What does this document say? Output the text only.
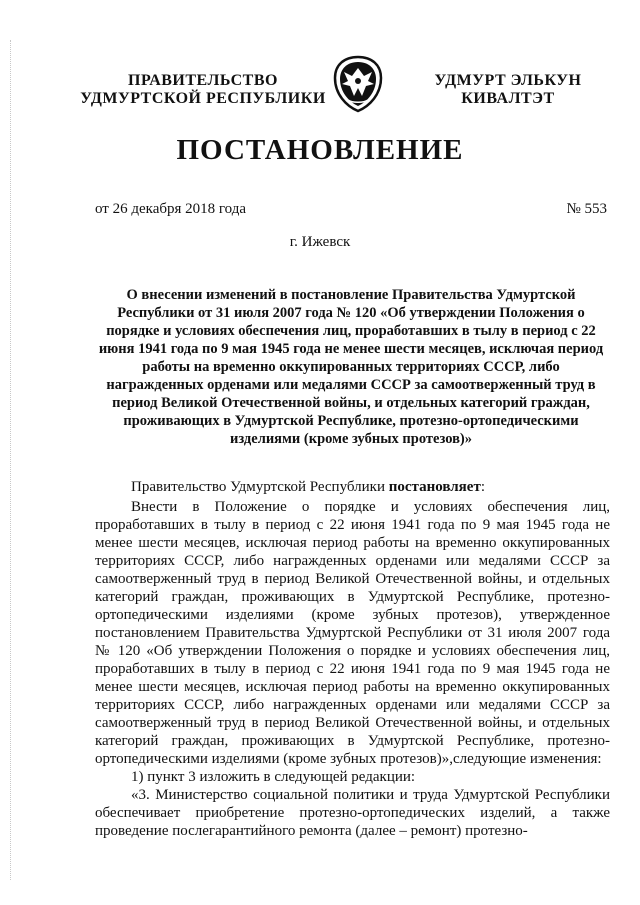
ПРАВИТЕЛЬСТВО
УДМУРТСКОЙ РЕСПУБЛИКИ
УДМУРТ ЭЛЬКУН
КИВАЛТЭТ
ПОСТАНОВЛЕНИЕ
от 26 декабря 2018 года	№ 553
г. Ижевск

О внесении изменений в постановление Правительства Удмуртской Республики от 31 июля 2007 года № 120 «Об утверждении Положения о порядке и условиях обеспечения лиц, проработавших в тылу в период с 22 июня 1941 года по 9 мая 1945 года не менее шести месяцев, исключая период работы на временно оккупированных территориях СССР, либо награжденных орденами или медалями СССР за самоотверженный труд в период Великой Отечественной войны, и отдельных категорий граждан, проживающих в Удмуртской Республике, протезно-ортопедическими изделиями (кроме зубных протезов)»

Правительство Удмуртской Республики постановляет:

Внести в Положение о порядке и условиях обеспечения лиц, проработавших в тылу в период с 22 июня 1941 года по 9 мая 1945 года не менее шести месяцев, исключая период работы на временно оккупированных территориях СССР, либо награжденных орденами или медалями СССР за самоотверженный труд в период Великой Отечественной войны, и отдельных категорий граждан, проживающих в Удмуртской Республике, протезно-ортопедическими изделиями (кроме зубных протезов), утвержденное постановлением Правительства Удмуртской Республики от 31 июля 2007 года № 120 «Об утверждении Положения о порядке и условиях обеспечения лиц, проработавших в тылу в период с 22 июня 1941 года по 9 мая 1945 года не менее шести месяцев, исключая период работы на временно оккупированных территориях СССР, либо награжденных орденами или медалями СССР за самоотверженный труд в период Великой Отечественной войны, и отдельных категорий граждан, проживающих в Удмуртской Республике, протезно-ортопедическими изделиями (кроме зубных протезов)»,следующие изменения:

1) пункт 3 изложить в следующей редакции:

«3. Министерство социальной политики и труда Удмуртской Республики обеспечивает приобретение протезно-ортопедических изделий, а также проведение послегарантийного ремонта (далее – ремонт) протезно-
